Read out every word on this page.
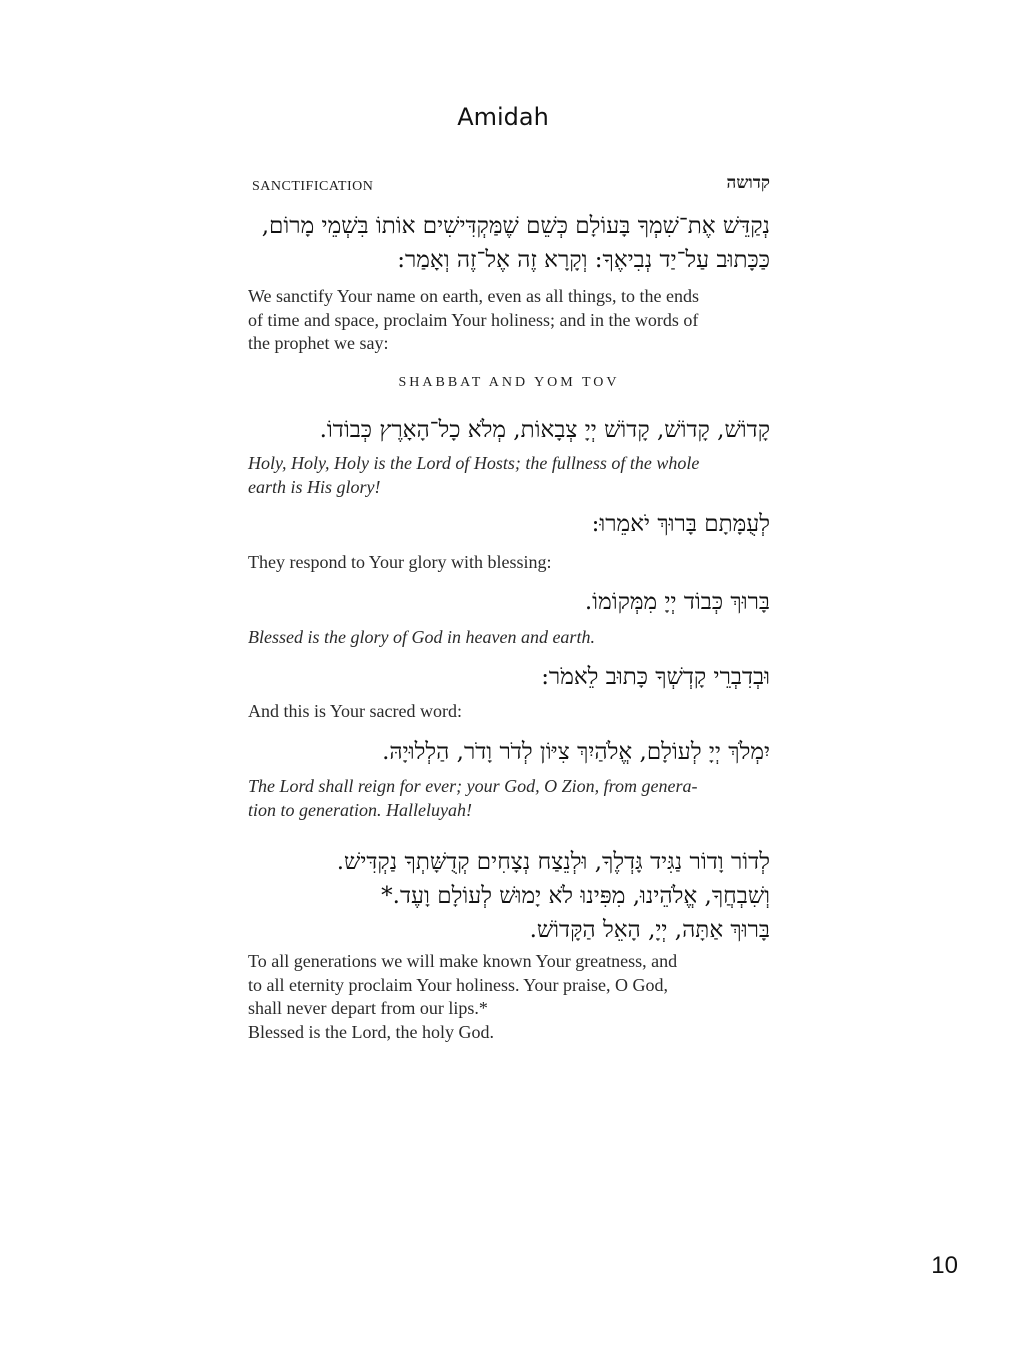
Amidah
SANCTIFICATION	קדושה
נְקַדֵּשׁ אֶת־שִׁמְךָ בָּעוֹלָם כְּשֵׁם שֶׁמַּקְדִּישִׁים אוֹתוֹ בִּשְׁמֵי מָרוֹם,
כַּכָּתוּב עַל־יַד נְבִיאֶךָ: וְקָרָא זֶה אֶל־זֶה וְאָמַר:

We sanctify Your name on earth, even as all things, to the ends

of time and space, proclaim Your holiness; and in the words of

the prophet we say:

SHABBAT AND YOM TOV
קָדוֹשׁ, קָדוֹשׁ, קָדוֹשׁ יְיָ צְבָאוֹת, מְלֹא כָל־הָאָרֶץ כְּבוֹדוֹ.

Holy, Holy, Holy is the Lord of Hosts; the fullness of the whole

earth is His glory!

לְעֻמָּתָם בָּרוּךְ יֹאמֵרוּ:

They respond to Your glory with blessing:

בָּרוּךְ כְּבוֹד יְיָ מִמְּקוֹמוֹ.

Blessed is the glory of God in heaven and earth.

וּבְדִבְרֵי קָדְשְׁךָ כָּתוּב לֵאמֹר:

And this is Your sacred word:

יִמְלֹךְ יְיָ לְעוֹלָם, אֱלֹהַיִךְ צִיּוֹן לְדֹר וָדֹר, הַלְלוּיָהּ.

The Lord shall reign for ever; your God, O Zion, from genera-

tion to generation. Halleluyah!

לְדוֹר וָדוֹר נַגִּיד גָּדְלֶךָ, וּלְנֵצַח נְצָחִים קְדֻשָּׁתְךָ נַקְדִּישׁ.
וְשִׁבְחֲךָ, אֱלֹהֵינוּ, מִפִּינוּ לֹא יָמוּשׁ לְעוֹלָם וָעֶד.*
בָּרוּךְ אַתָּה, יְיָ, הָאֵל הַקָּדוֹשׁ.

To all generations we will make known Your greatness, and

to all eternity proclaim Your holiness. Your praise, O God,

shall never depart from our lips.*

Blessed is the Lord, the holy God.

10
